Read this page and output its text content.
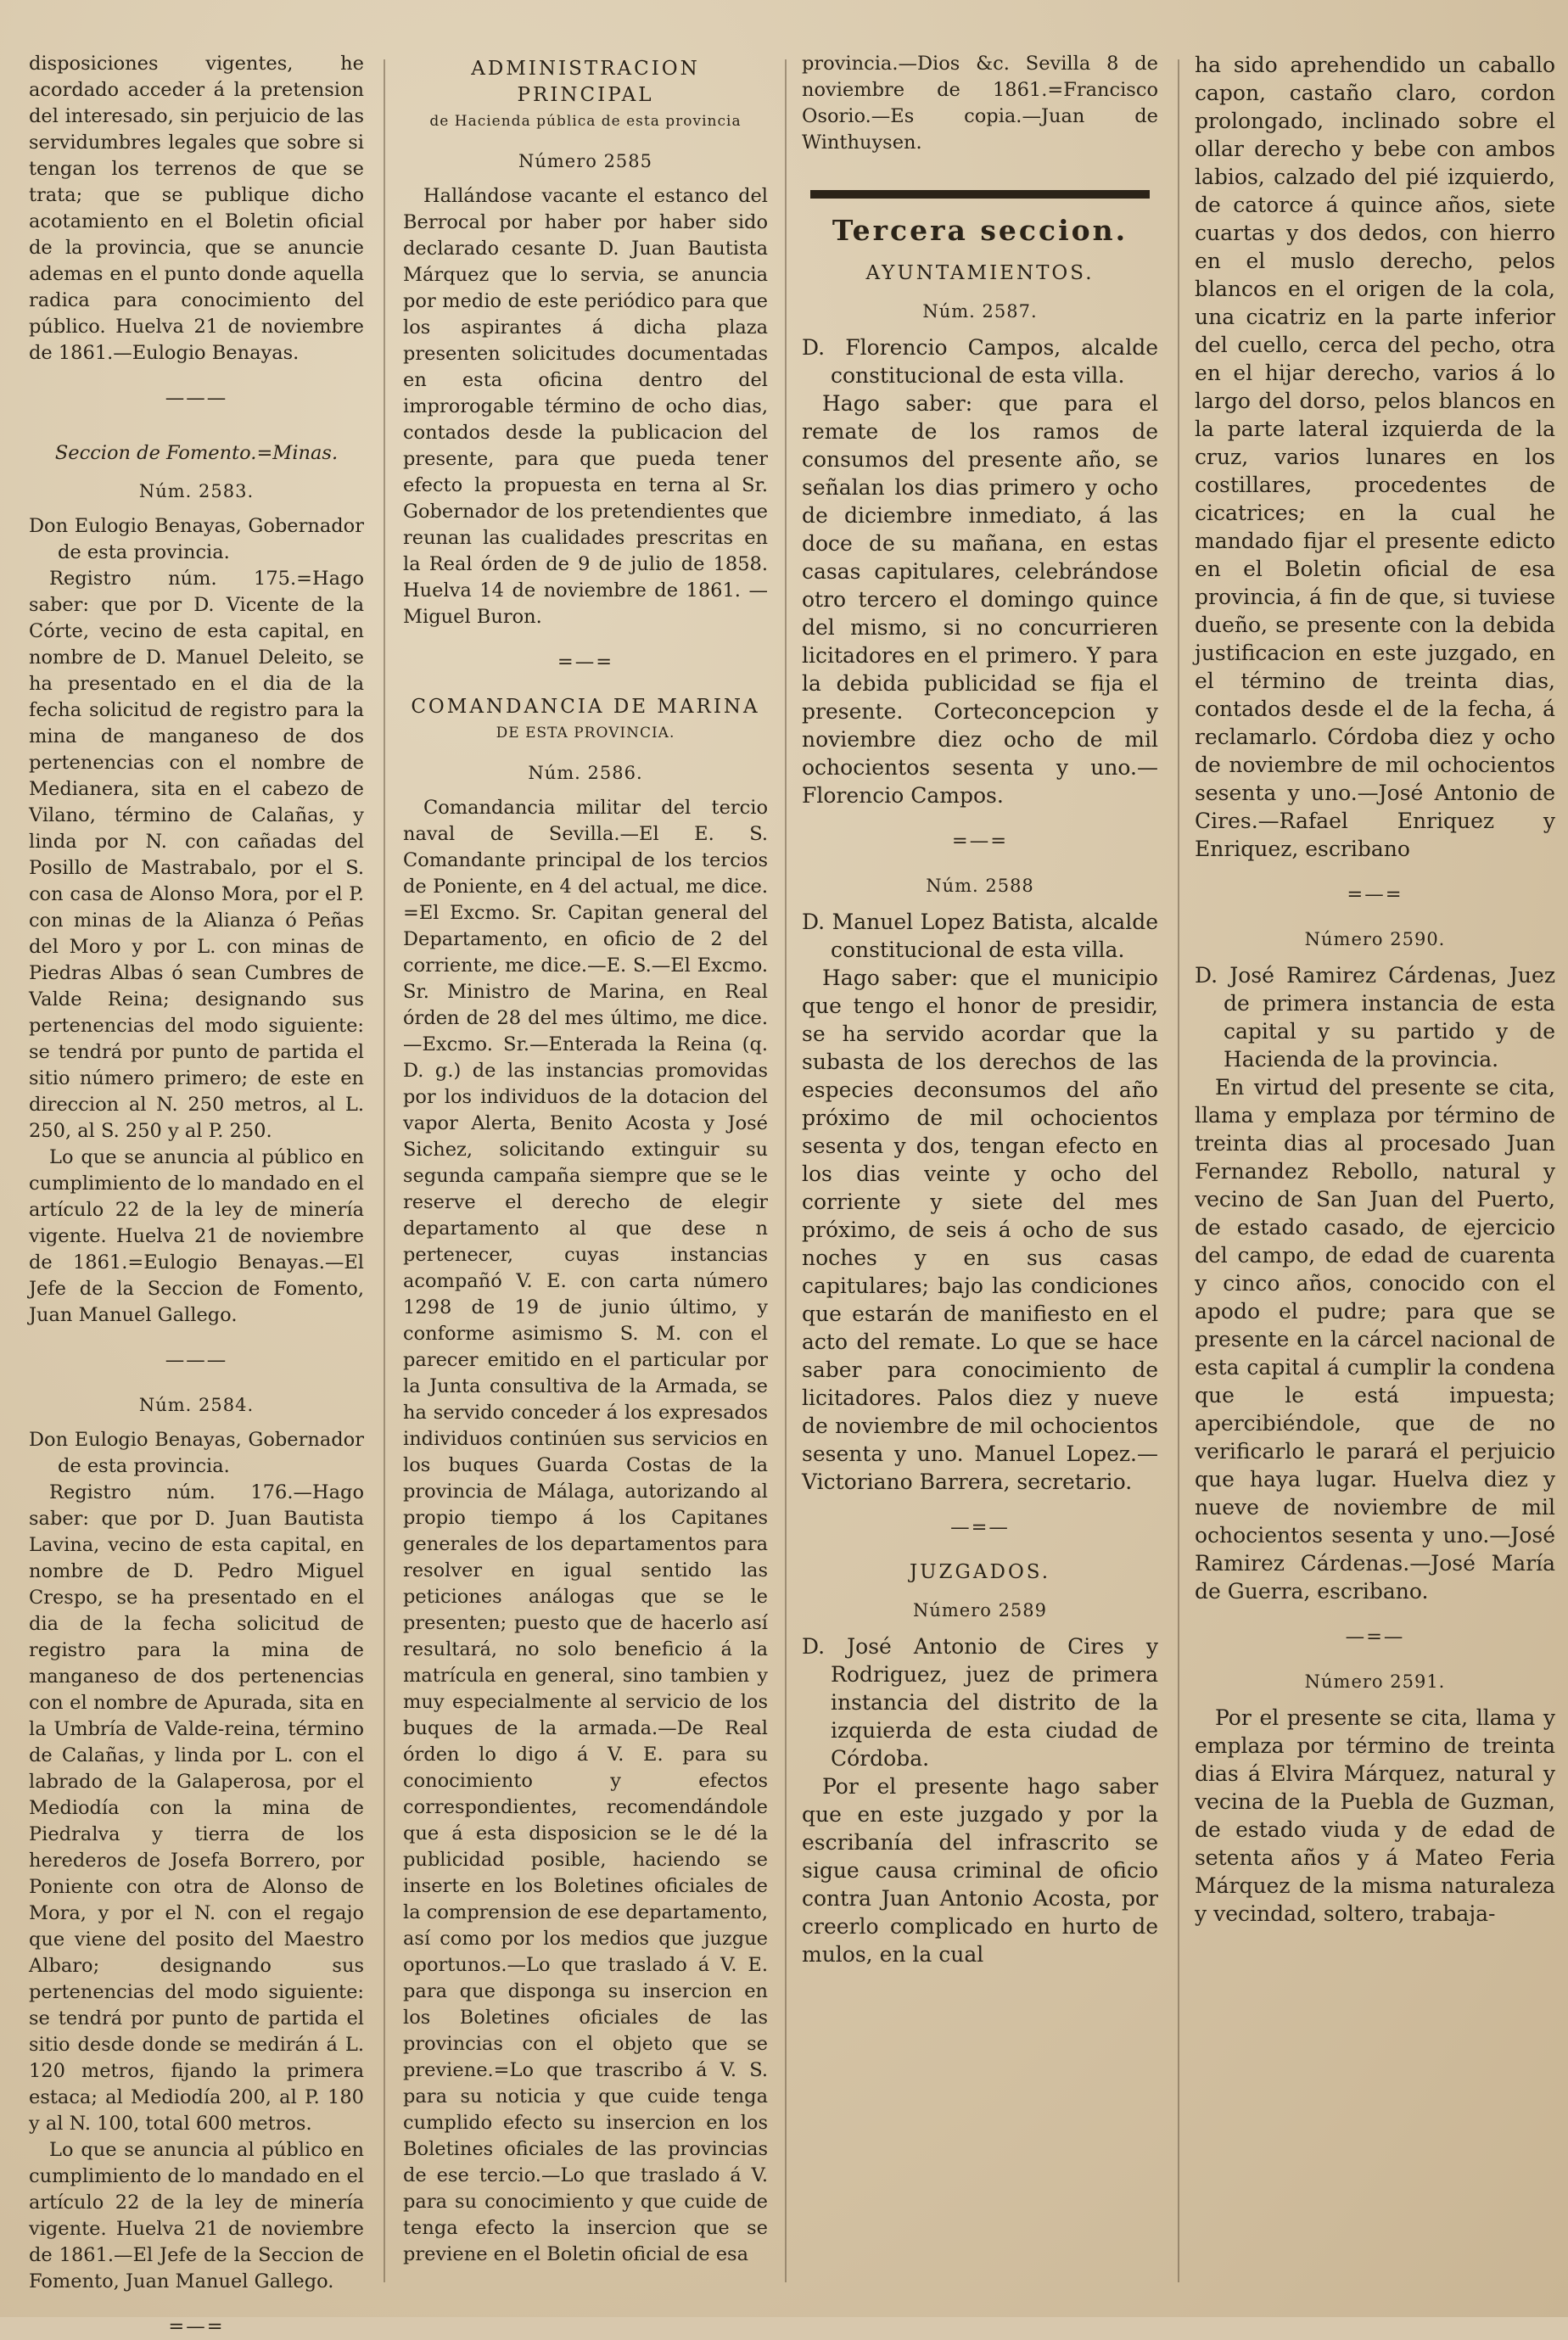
disposiciones vigentes, he acordado acceder á la pretension del interesado, sin perjuicio de las servidumbres legales que sobre si tengan los terrenos de que se trata; que se publique dicho acotamiento en el Boletin oficial de la provincia, que se anuncie ademas en el punto donde aquella radica para conocimiento del público. Huelva 21 de noviembre de 1861.—Eulogio Benayas.

———

Seccion de Fomento.=Minas.

Núm. 2583.

Don Eulogio Benayas, Gobernador de esta provincia.

Registro núm. 175.=Hago saber: que por D. Vicente de la Córte, vecino de esta capital, en nombre de D. Manuel Deleito, se ha presentado en el dia de la fecha solicitud de registro para la mina de manganeso de dos pertenencias con el nombre de Medianera, sita en el cabezo de Vilano, término de Calañas, y linda por N. con cañadas del Posillo de Mastrabalo, por el S. con casa de Alonso Mora, por el P. con minas de la Alianza ó Peñas del Moro y por L. con minas de Piedras Albas ó sean Cumbres de Valde Reina; designando sus pertenencias del modo siguiente: se tendrá por punto de partida el sitio número primero; de este en direccion al N. 250 metros, al L. 250, al S. 250 y al P. 250.

Lo que se anuncia al público en cumplimiento de lo mandado en el artículo 22 de la ley de minería vigente. Huelva 21 de noviembre de 1861.=Eulogio Benayas.—El Jefe de la Seccion de Fomento, Juan Manuel Gallego.

———

Núm. 2584.

Don Eulogio Benayas, Gobernador de esta provincia.

Registro núm. 176.—Hago saber: que por D. Juan Bautista Lavina, vecino de esta capital, en nombre de D. Pedro Miguel Crespo, se ha presentado en el dia de la fecha solicitud de registro para la mina de manganeso de dos pertenencias con el nombre de Apurada, sita en la Umbría de Valde-reina, término de Calañas, y linda por L. con el labrado de la Galaperosa, por el Mediodía con la mina de Piedralva y tierra de los herederos de Josefa Borrero, por Poniente con otra de Alonso de Mora, y por el N. con el regajo que viene del posito del Maestro Albaro; designando sus pertenencias del modo siguiente: se tendrá por punto de partida el sitio desde donde se medirán á L. 120 metros, fijando la primera estaca; al Mediodía 200, al P. 180 y al N. 100, total 600 metros.

Lo que se anuncia al público en cumplimiento de lo mandado en el artículo 22 de la ley de minería vigente. Huelva 21 de noviembre de 1861.—El Jefe de la Seccion de Fomento, Juan Manuel Gallego.

=—=

ADMINISTRACION PRINCIPAL

de Hacienda pública de esta provincia

Número 2585

Hallándose vacante el estanco del Berrocal por haber por haber sido declarado cesante D. Juan Bautista Márquez que lo servia, se anuncia por medio de este periódico para que los aspirantes á dicha plaza presenten solicitudes documentadas en esta oficina dentro del improrogable término de ocho dias, contados desde la publicacion del presente, para que pueda tener efecto la propuesta en terna al Sr. Gobernador de los pretendientes que reunan las cualidades prescritas en la Real órden de 9 de julio de 1858. Huelva 14 de noviembre de 1861. —Miguel Buron.

=—=

COMANDANCIA DE MARINA

DE ESTA PROVINCIA.

Núm. 2586.

Comandancia militar del tercio naval de Sevilla.—El E. S. Comandante principal de los tercios de Poniente, en 4 del actual, me dice. =El Excmo. Sr. Capitan general del Departamento, en oficio de 2 del corriente, me dice.—E. S.—El Excmo. Sr. Ministro de Marina, en Real órden de 28 del mes último, me dice.—Excmo. Sr.—Enterada la Reina (q. D. g.) de las instancias promovidas por los individuos de la dotacion del vapor Alerta, Benito Acosta y José Sichez, solicitando extinguir su segunda campaña siempre que se le reserve el derecho de elegir departamento al que dese n pertenecer, cuyas instancias acompañó V. E. con carta número 1298 de 19 de junio último, y conforme asimismo S. M. con el parecer emitido en el particular por la Junta consultiva de la Armada, se ha servido conceder á los expresados individuos continúen sus servicios en los buques Guarda Costas de la provincia de Málaga, autorizando al propio tiempo á los Capitanes generales de los departamentos para resolver en igual sentido las peticiones análogas que se le presenten; puesto que de hacerlo así resultará, no solo beneficio á la matrícula en general, sino tambien y muy especialmente al servicio de los buques de la armada.—De Real órden lo digo á V. E. para su conocimiento y efectos correspondientes, recomendándole que á esta disposicion se le dé la publicidad posible, haciendo se inserte en los Boletines oficiales de la comprension de ese departamento, así como por los medios que juzgue oportunos.—Lo que traslado á V. E. para que disponga su insercion en los Boletines oficiales de las provincias con el objeto que se previene.=Lo que trascribo á V. S. para su noticia y que cuide tenga cumplido efecto su insercion en los Boletines oficiales de las provincias de ese tercio.—Lo que traslado á V. para su conocimiento y que cuide de tenga efecto la insercion que se previene en el Boletin oficial de esa

provincia.—Dios &c. Sevilla 8 de noviembre de 1861.=Francisco Osorio.—Es copia.—Juan de Winthuysen.

Tercera seccion.

AYUNTAMIENTOS.

Núm. 2587.

D. Florencio Campos, alcalde constitucional de esta villa.

Hago saber: que para el remate de los ramos de consumos del presente año, se señalan los dias primero y ocho de diciembre inmediato, á las doce de su mañana, en estas casas capitulares, celebrándose otro tercero el domingo quince del mismo, si no concurrieren licitadores en el primero. Y para la debida publicidad se fija el presente. Corteconcepcion y noviembre diez ocho de mil ochocientos sesenta y uno.—Florencio Campos.

=—=

Núm. 2588

D. Manuel Lopez Batista, alcalde constitucional de esta villa.

Hago saber: que el municipio que tengo el honor de presidir, se ha servido acordar que la subasta de los derechos de las especies deconsumos del año próximo de mil ochocientos sesenta y dos, tengan efecto en los dias veinte y ocho del corriente y siete del mes próximo, de seis á ocho de sus noches y en sus casas capitulares; bajo las condiciones que estarán de manifiesto en el acto del remate. Lo que se hace saber para conocimiento de licitadores. Palos diez y nueve de noviembre de mil ochocientos sesenta y uno. Manuel Lopez.—Victoriano Barrera, secretario.

—=—

JUZGADOS.

Número 2589

D. José Antonio de Cires y Rodriguez, juez de primera instancia del distrito de la izquierda de esta ciudad de Córdoba.

Por el presente hago saber que en este juzgado y por la escribanía del infrascrito se sigue causa criminal de oficio contra Juan Antonio Acosta, por creerlo complicado en hurto de mulos, en la cual

ha sido aprehendido un caballo capon, castaño claro, cordon prolongado, inclinado sobre el ollar derecho y bebe con ambos labios, calzado del pié izquierdo, de catorce á quince años, siete cuartas y dos dedos, con hierro en el muslo derecho, pelos blancos en el origen de la cola, una cicatriz en la parte inferior del cuello, cerca del pecho, otra en el hijar derecho, varios á lo largo del dorso, pelos blancos en la parte lateral izquierda de la cruz, varios lunares en los costillares, procedentes de cicatrices; en la cual he mandado fijar el presente edicto en el Boletin oficial de esa provincia, á fin de que, si tuviese dueño, se presente con la debida justificacion en este juzgado, en el término de treinta dias, contados desde el de la fecha, á reclamarlo. Córdoba diez y ocho de noviembre de mil ochocientos sesenta y uno.—José Antonio de Cires.—Rafael Enriquez y Enriquez, escribano

=—=

Número 2590.

D. José Ramirez Cárdenas, Juez de primera instancia de esta capital y su partido y de Hacienda de la provincia.

En virtud del presente se cita, llama y emplaza por término de treinta dias al procesado Juan Fernandez Rebollo, natural y vecino de San Juan del Puerto, de estado casado, de ejercicio del campo, de edad de cuarenta y cinco años, conocido con el apodo el pudre; para que se presente en la cárcel nacional de esta capital á cumplir la condena que le está impuesta; apercibiéndole, que de no verificarlo le parará el perjuicio que haya lugar. Huelva diez y nueve de noviembre de mil ochocientos sesenta y uno.—José Ramirez Cárdenas.—José María de Guerra, escribano.

—=—

Número 2591.

Por el presente se cita, llama y emplaza por término de treinta dias á Elvira Márquez, natural y vecina de la Puebla de Guzman, de estado viuda y de edad de setenta años y á Mateo Feria Márquez de la misma naturaleza y vecindad, soltero, trabaja-
